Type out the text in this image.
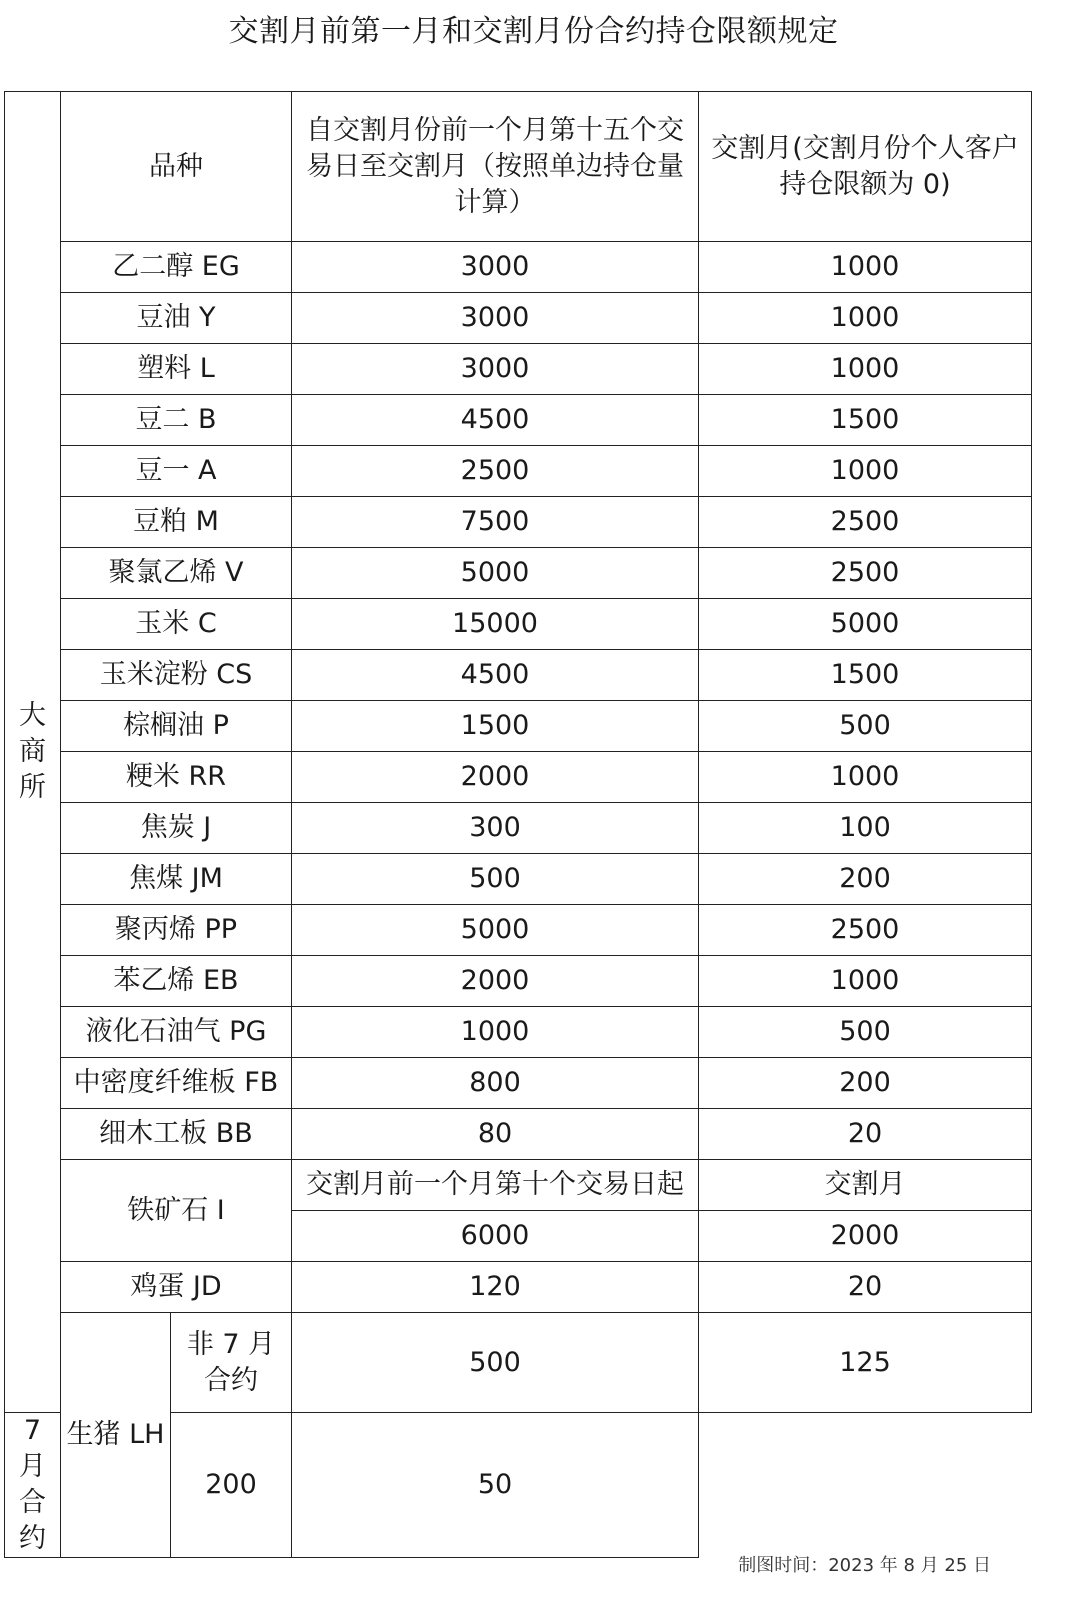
交割月前第一月和交割月份合约持仓限额规定
大
商
所	品种		自交割月份前一个月第十五个交易日至交割月（按照单边持仓量计算）	交割月(交割月份个人客户持仓限额为 0)
	乙二醇 EG		3000	1000
	豆油 Y		3000	1000
	塑料 L		3000	1000
	豆二 B		4500	1500
	豆一 A		2500	1000
	豆粕 M		7500	2500
	聚氯乙烯 V		5000	2500
	玉米 C		15000	5000
	玉米淀粉 CS		4500	1500
	棕榈油 P		1500	500
	粳米 RR		2000	1000
	焦炭 J		300	100
	焦煤 JM		500	200
	聚丙烯 PP		5000	2500
	苯乙烯 EB		2000	1000
	液化石油气 PG		1000	500
	中密度纤维板 FB		800	200
	细木工板 BB		80	20
	铁矿石 I		交割月前一个月第十个交易日起	交割月
			6000	2000
	鸡蛋 JD		120	20
	生猪 LH	非 7 月合约	500	125
7 月合约		200	50	
制图时间：2023 年 8 月 25 日
